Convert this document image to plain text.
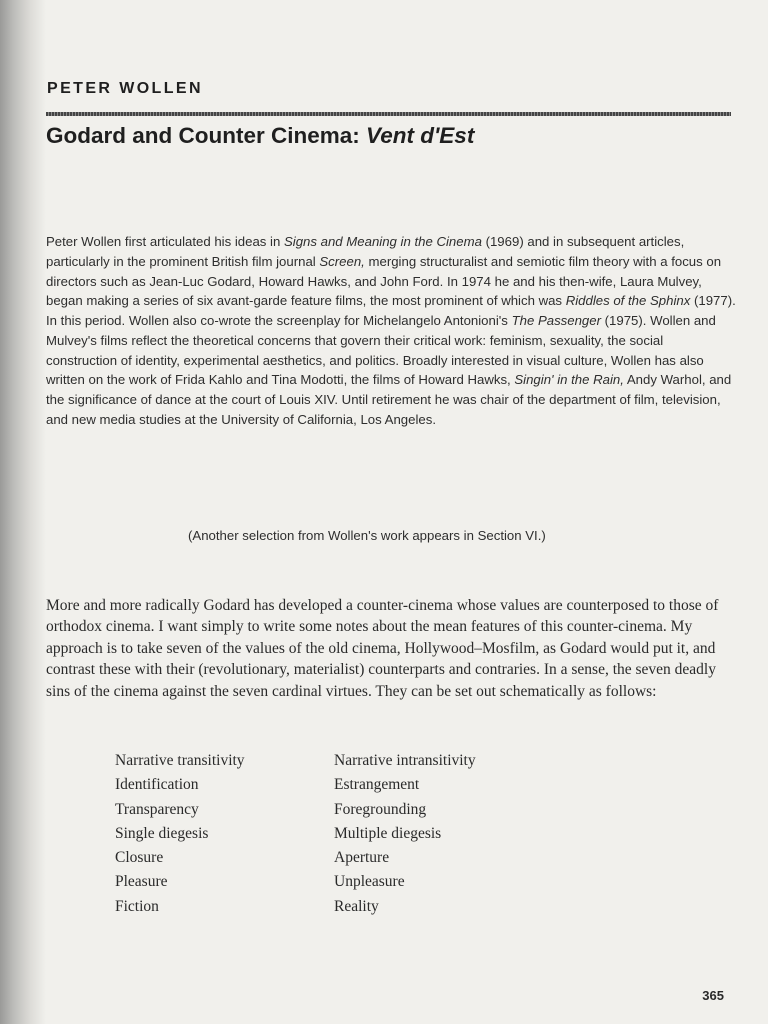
PETER WOLLEN
Godard and Counter Cinema: Vent d'Est

Peter Wollen first articulated his ideas in Signs and Meaning in the Cinema (1969) and in subsequent articles, particularly in the prominent British film journal Screen, merging structuralist and semiotic film theory with a focus on directors such as Jean-Luc Godard, Howard Hawks, and John Ford. In 1974 he and his then-wife, Laura Mulvey, began making a series of six avant-garde feature films, the most prominent of which was Riddles of the Sphinx (1977). In this period. Wollen also co-wrote the screenplay for Michelangelo Antonioni's The Passenger (1975). Wollen and Mulvey's films reflect the theoretical concerns that govern their critical work: feminism, sexuality, the social construction of identity, experimental aesthetics, and politics. Broadly interested in visual culture, Wollen has also written on the work of Frida Kahlo and Tina Modotti, the films of Howard Hawks, Singin' in the Rain, Andy Warhol, and the significance of dance at the court of Louis XIV. Until retirement he was chair of the department of film, television, and new media studies at the University of California, Los Angeles.

(Another selection from Wollen's work appears in Section VI.)

More and more radically Godard has developed a counter-cinema whose values are counterposed to those of orthodox cinema. I want simply to write some notes about the mean features of this counter-cinema. My approach is to take seven of the values of the old cinema, Hollywood–Mosfilm, as Godard would put it, and contrast these with their (revolutionary, materialist) counterparts and contraries. In a sense, the seven deadly sins of the cinema against the seven cardinal virtues. They can be set out schematically as follows:

Narrative transitivity	Narrative intransitivity
Identification	Estrangement
Transparency	Foregrounding
Single diegesis	Multiple diegesis
Closure	Aperture
Pleasure	Unpleasure
Fiction	Reality
365
